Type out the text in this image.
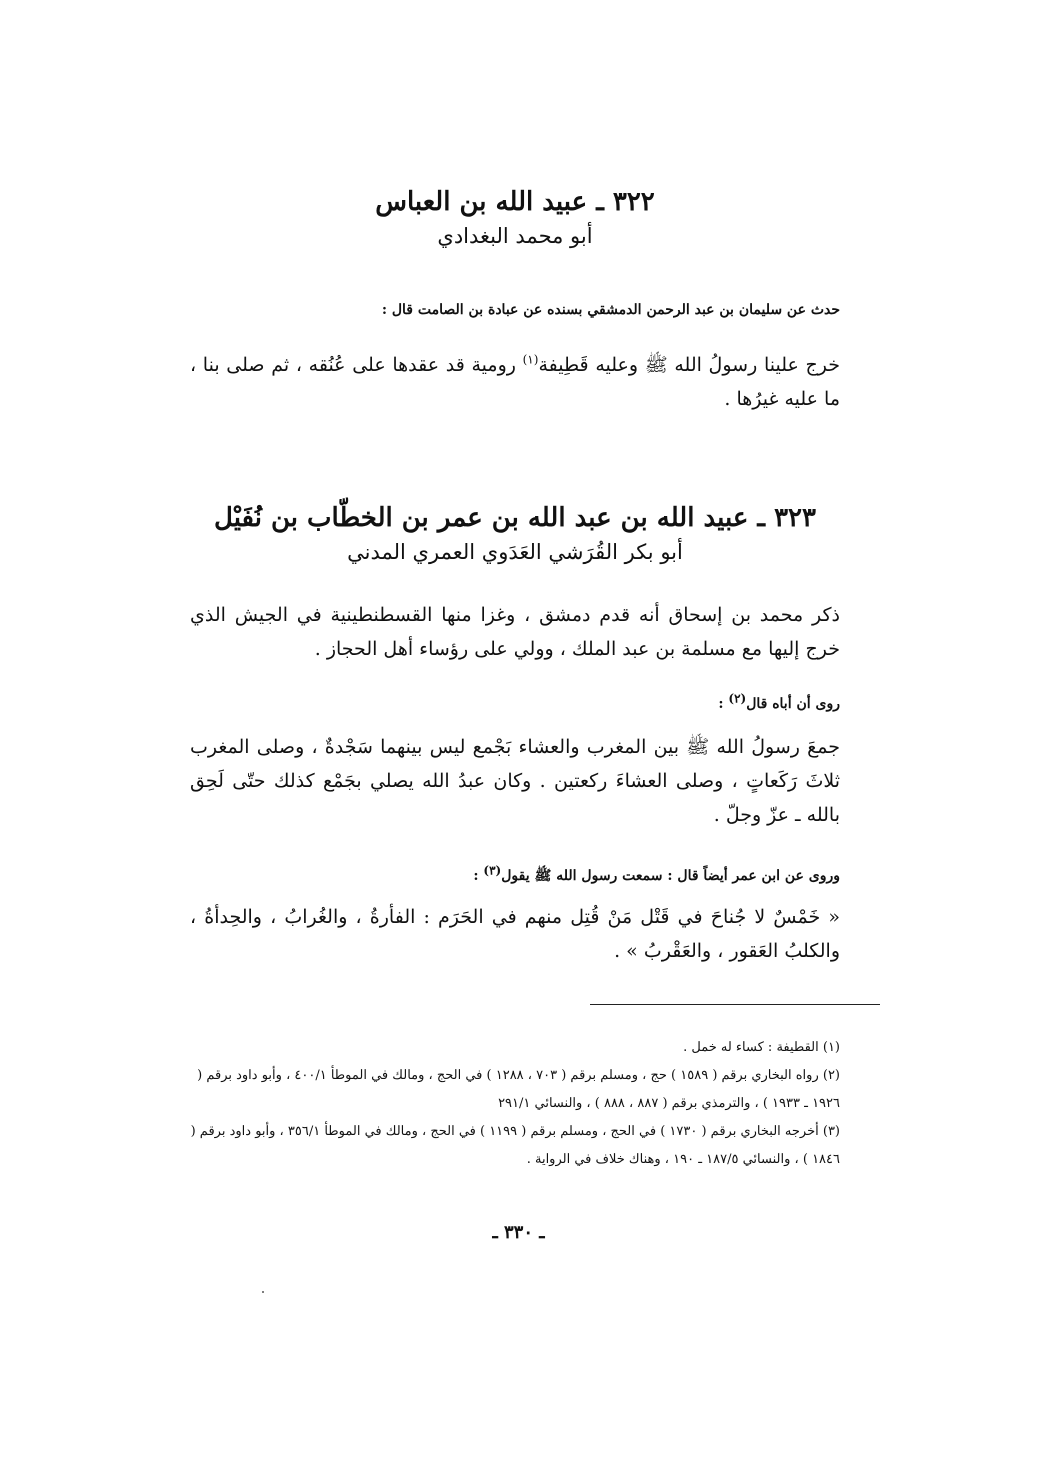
٣٢٢ ـ عبيد الله بن العباس

أبو محمد البغدادي

حدث عن سليمان بن عبد الرحمن الدمشقي بسنده عن عبادة بن الصامت قال :

خرج علينا رسولُ الله ﷺ وعليه قَطِيفة$^{(١)}$ رومية قد عقدها على عُنُقه ، ثم صلى بنا ، ما عليه غيرُها .

٣٢٣ ـ عبيد الله بن عبد الله بن عمر بن الخطّاب بن نُفَيْل

أبو بكر القُرَشي العَدَوي العمري المدني

ذكر محمد بن إسحاق أنه قدم دمشق ، وغزا منها القسطنطينية في الجيش الذي خرج إليها مع مسلمة بن عبد الملك ، وولي على رؤساء أهل الحجاز .

روى أن أباه قال(٢) :

جمعَ رسولُ الله ﷺ بين المغرب والعشاء بَجْمع ليس بينهما سَجْدةٌ ، وصلى المغرب ثلاثَ رَكَعاتٍ ، وصلى العشاءَ ركعتين . وكان عبدُ الله يصلي بجَمْع كذلك حتّى لَحِق بالله ـ عزّ وجلّ .

وروى عن ابن عمر أيضاً قال : سمعت رسول الله ﷺ يقول(٣) :

« خَمْسٌ لا جُناحَ في قَتْل مَنْ قُتِل منهم في الحَرَم : الفأرةُ ، والغُرابُ ، والحِدأةُ ، والكلبُ العَقور ، والعَقْربُ » .

(١) القطيفة : كساء له خمل .

(٢) رواه البخاري برقم ( ١٥٨٩ ) حج ، ومسلم برقم ( ٧٠٣ ، ١٢٨٨ ) في الحج ، ومالك في الموطأ ٤٠٠/١ ، وأبو داود برقم ( ١٩٢٦ ـ ١٩٣٣ ) ، والترمذي برقم ( ٨٨٧ ، ٨٨٨ ) ، والنسائي ٢٩١/١

(٣) أخرجه البخاري برقم ( ١٧٣٠ ) في الحج ، ومسلم برقم ( ١١٩٩ ) في الحج ، ومالك في الموطأ ٣٥٦/١ ، وأبو داود برقم ( ١٨٤٦ ) ، والنسائي ١٨٧/٥ ـ ١٩٠ ، وهناك خلاف في الرواية .

ـ ٣٣٠ ـ
